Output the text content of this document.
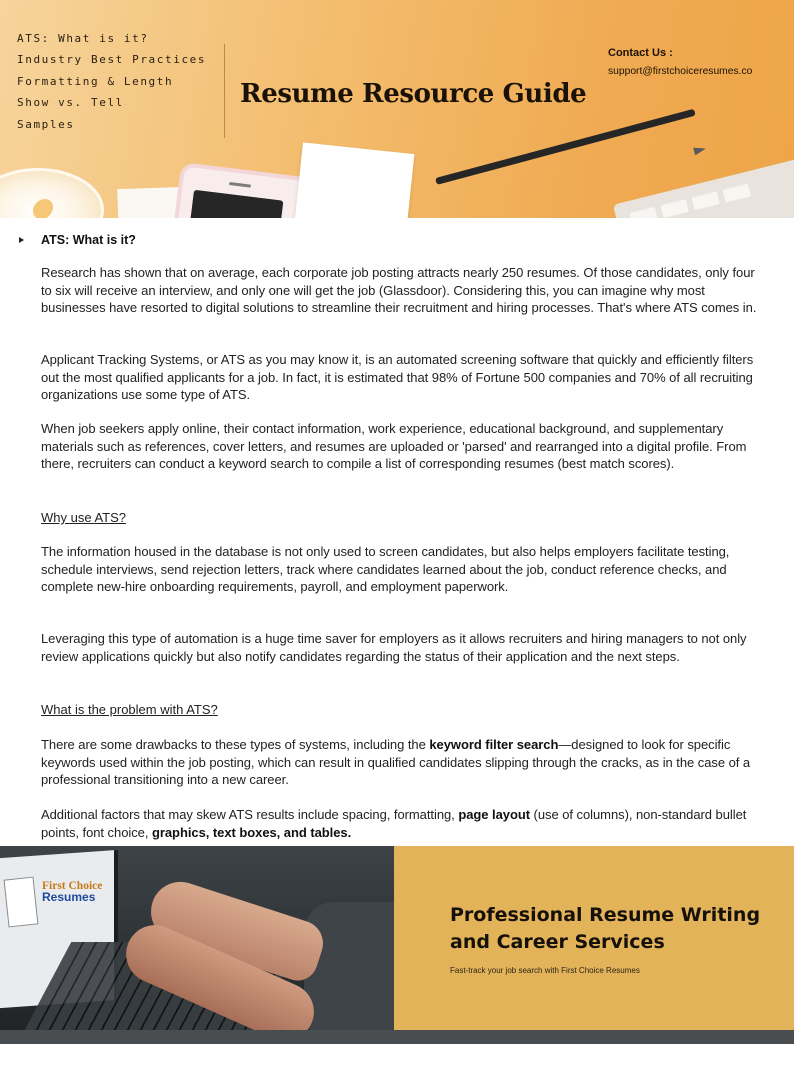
ATS: What is it?
Industry Best Practices
Formatting & Length
Show vs. Tell
Samples
Resume Resource Guide
Contact Us :
support@firstchoiceresumes.co
ATS: What is it?

Research has shown that on average, each corporate job posting attracts nearly 250 resumes. Of those candidates, only four to six will receive an interview, and only one will get the job (Glassdoor). Considering this, you can imagine why most businesses have resorted to digital solutions to streamline their recruitment and hiring processes. That's where ATS comes in.

Applicant Tracking Systems, or ATS as you may know it, is an automated screening software that quickly and efficiently filters out the most qualified applicants for a job. In fact, it is estimated that 98% of Fortune 500 companies and 70% of all recruiting organizations use some type of ATS.

When job seekers apply online, their contact information, work experience, educational background, and supplementary materials such as references, cover letters, and resumes are uploaded or 'parsed' and rearranged into a digital profile. From there, recruiters can conduct a keyword search to compile a list of corresponding resumes (best match scores).

Why use ATS?

The information housed in the database is not only used to screen candidates, but also helps employers facilitate testing, schedule interviews, send rejection letters, track where candidates learned about the job, conduct reference checks, and complete new-hire onboarding requirements, payroll, and employment paperwork.

Leveraging this type of automation is a huge time saver for employers as it allows recruiters and hiring managers to not only review applications quickly but also notify candidates regarding the status of their application and the next steps.

What is the problem with ATS?

There are some drawbacks to these types of systems, including the keyword filter search—designed to look for specific keywords used within the job posting, which can result in qualified candidates slipping through the cracks, as in the case of a professional transitioning into a new career.

Additional factors that may skew ATS results include spacing, formatting, page layout (use of columns), non-standard bullet points, font choice, graphics, text boxes, and tables.

First Choice
Resumes
Professional Resume Writing and Career Services
Fast-track your job search with First Choice Resumes
